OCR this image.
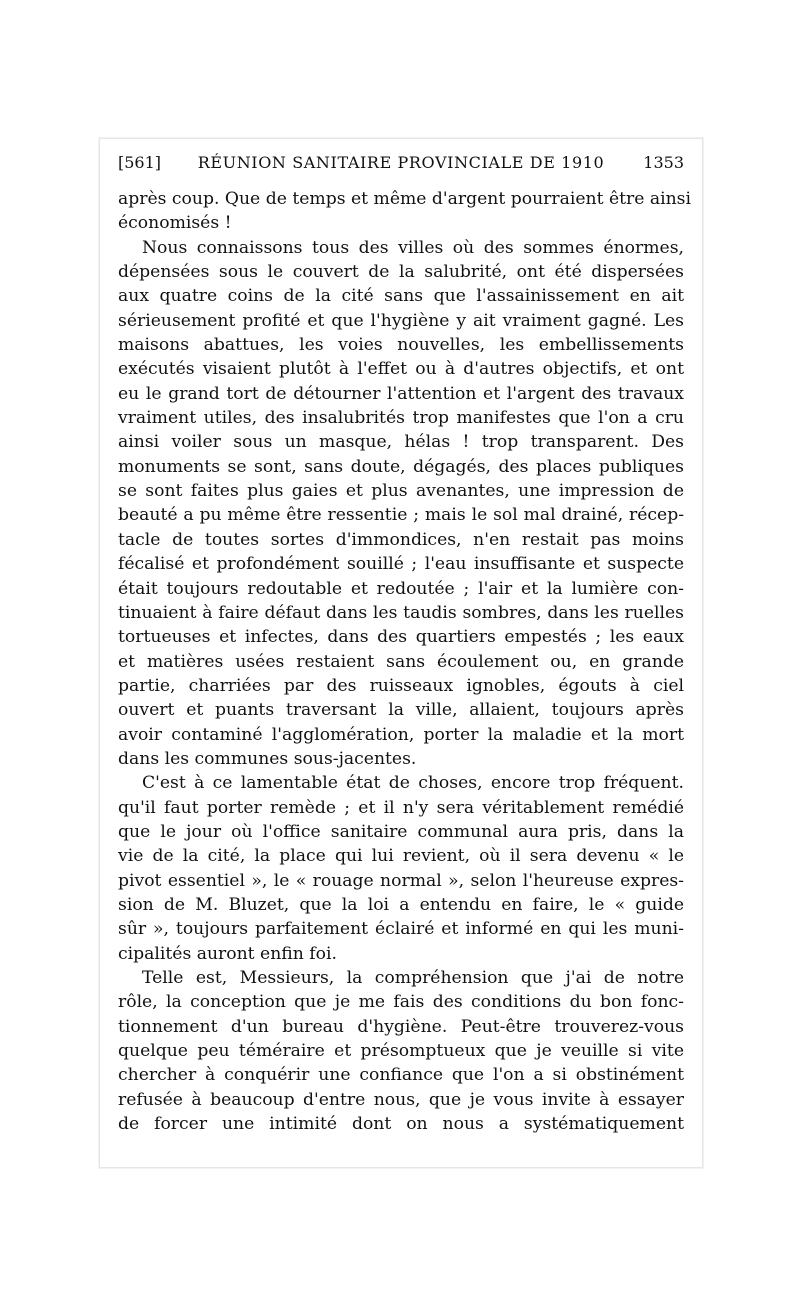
[561]	RÉUNION SANITAIRE PROVINCIALE DE 1910	1353

après coup. Que de temps et même d'argent pourraient être ainsi
économisés !

Nous connaissons tous des villes où des sommes énormes,
dépensées sous le couvert de la salubrité, ont été dispersées
aux quatre coins de la cité sans que l'assainissement en ait
sérieusement profité et que l'hygiène y ait vraiment gagné. Les
maisons abattues, les voies nouvelles, les embellissements
exécutés visaient plutôt à l'effet ou à d'autres objectifs, et ont
eu le grand tort de détourner l'attention et l'argent des travaux
vraiment utiles, des insalubrités trop manifestes que l'on a cru
ainsi voiler sous un masque, hélas ! trop transparent. Des
monuments se sont, sans doute, dégagés, des places publiques
se sont faites plus gaies et plus avenantes, une impression de
beauté a pu même être ressentie ; mais le sol mal drainé, récep-
tacle de toutes sortes d'immondices, n'en restait pas moins
fécalisé et profondément souillé ; l'eau insuffisante et suspecte
était toujours redoutable et redoutée ; l'air et la lumière con-
tinuaient à faire défaut dans les taudis sombres, dans les ruelles
tortueuses et infectes, dans des quartiers empestés ; les eaux
et matières usées restaient sans écoulement ou, en grande
partie, charriées par des ruisseaux ignobles, égouts à ciel
ouvert et puants traversant la ville, allaient, toujours après
avoir contaminé l'agglomération, porter la maladie et la mort
dans les communes sous-jacentes.

C'est à ce lamentable état de choses, encore trop fréquent.
qu'il faut porter remède ; et il n'y sera véritablement remédié
que le jour où l'office sanitaire communal aura pris, dans la
vie de la cité, la place qui lui revient, où il sera devenu « le
pivot essentiel », le « rouage normal », selon l'heureuse expres-
sion de M. Bluzet, que la loi a entendu en faire, le « guide
sûr », toujours parfaitement éclairé et informé en qui les muni-
cipalités auront enfin foi.

Telle est, Messieurs, la compréhension que j'ai de notre
rôle, la conception que je me fais des conditions du bon fonc-
tionnement d'un bureau d'hygiène. Peut-être trouverez-vous
quelque peu téméraire et présomptueux que je veuille si vite
chercher à conquérir une confiance que l'on a si obstinément
refusée à beaucoup d'entre nous, que je vous invite à essayer
de forcer une intimité dont on nous a systématiquement
